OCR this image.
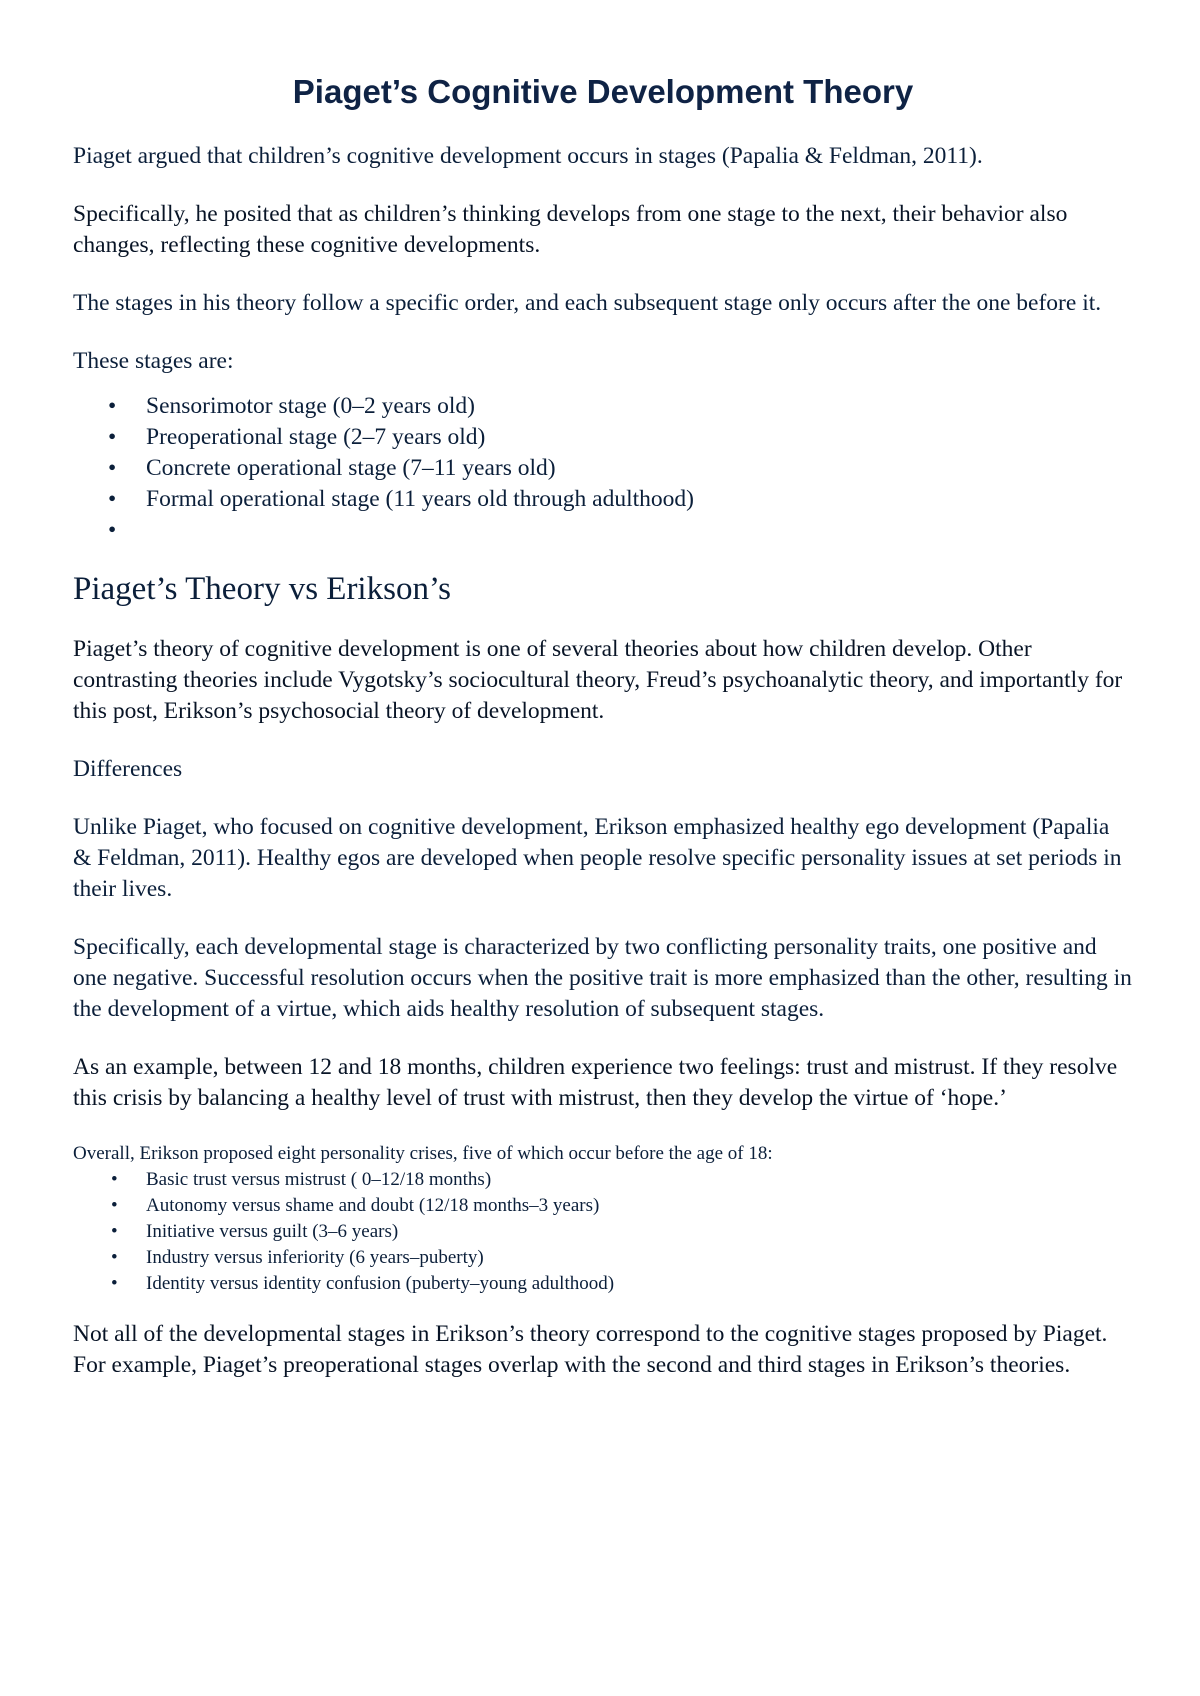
Piaget’s Cognitive Development Theory

Piaget argued that children’s cognitive development occurs in stages (Papalia & Feldman, 2011).

Specifically, he posited that as children’s thinking develops from one stage to the next, their behavior also changes, reflecting these cognitive developments.

The stages in his theory follow a specific order, and each subsequent stage only occurs after the one before it.

These stages are:

• Sensorimotor stage (0–2 years old)
• Preoperational stage (2–7 years old)
• Concrete operational stage (7–11 years old)
• Formal operational stage (11 years old through adulthood)
•
Piaget’s Theory vs Erikson’s

Piaget’s theory of cognitive development is one of several theories about how children develop. Other contrasting theories include Vygotsky’s sociocultural theory, Freud’s psychoanalytic theory, and importantly for this post, Erikson’s psychosocial theory of development.

Differences

Unlike Piaget, who focused on cognitive development, Erikson emphasized healthy ego development (Papalia & Feldman, 2011). Healthy egos are developed when people resolve specific personality issues at set periods in their lives.

Specifically, each developmental stage is characterized by two conflicting personality traits, one positive and one negative. Successful resolution occurs when the positive trait is more emphasized than the other, resulting in the development of a virtue, which aids healthy resolution of subsequent stages.

As an example, between 12 and 18 months, children experience two feelings: trust and mistrust. If they resolve this crisis by balancing a healthy level of trust with mistrust, then they develop the virtue of ‘hope.’

Overall, Erikson proposed eight personality crises, five of which occur before the age of 18:

• Basic trust versus mistrust ( 0–12/18 months)
• Autonomy versus shame and doubt (12/18 months–3 years)
• Initiative versus guilt (3–6 years)
• Industry versus inferiority (6 years–puberty)
• Identity versus identity confusion (puberty–young adulthood)

Not all of the developmental stages in Erikson’s theory correspond to the cognitive stages proposed by Piaget. For example, Piaget’s preoperational stages overlap with the second and third stages in Erikson’s theories.
